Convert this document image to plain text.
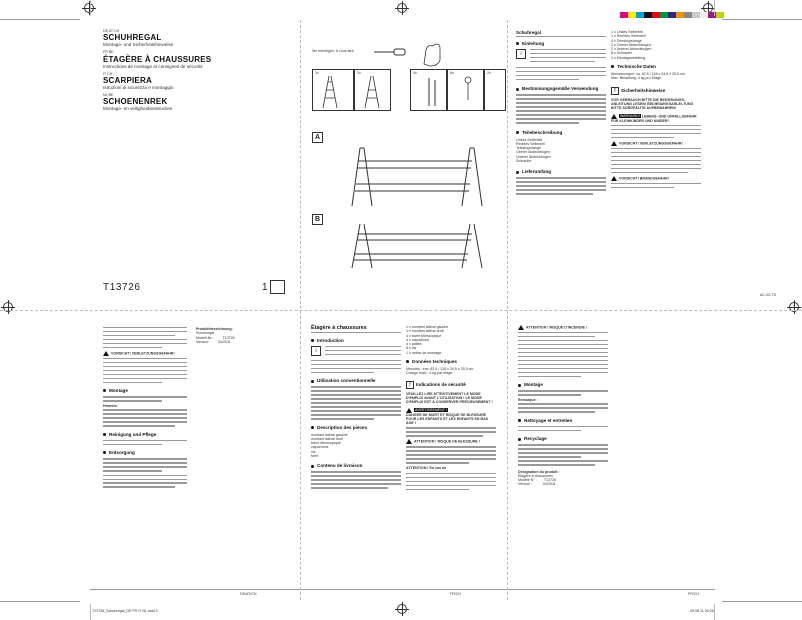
DE AT CH
SCHUHREGAL
Montage- und Sicherheitshinweise
FR BE
ÉTAGÈRE À CHAUSSURES
Instructions de montage et consignes de sécurité
IT CH
SCARPIERA
Istruzioni di sicurezza e montaggio
NL BE
SCHOENENREK
Montage- en veiligheidsinstructies
T13726	1
Sie benötigen: 8 vous faut
1x	2x	4x	8x	2x
A
B
Schuhregal
Einleitung
i
Bestimmungsgemäße Verwendung
Teilebeschreibung
Linkes Seitenteil
Rechtes Seitenteil
Teleskopstange
Oberer Abdeckbogen
Unterer Abdeckbogen
Schraube
Lieferumfang
1 x Linkes Seitenteil
1 x Rechtes Seitenteil
4 x Teleskopstange
2 x Oberer Abdeckbogen
2 x Unterer Abdeckbogen
8 x Schraube
1 x Montageanleitung
Technische Daten
Abmessungen: ca. 62,5 / 118 x 34,5 x 25,5 cm
Max. Belastung: 4 kg pro Etage
! Sicherheitshinweise
VOR GEBRAUCH BITTE DIE BEDIENUNGS-ANLEITUNG LESEN! BEDIENUNGSANLEI-TUNG BITTE SORGFÄLTIG AUFBEWAHREN!
WARNUNG! LEBENS- UND UNFALLGEFAHR FÜR KLEINKINDER UND KINDER!
VORSICHT! VERLETZUNGSGEFAHR!
VORSICHT! BRANDGEFAHR!
AC-02-TS
VORSICHT! VERLETZUNGSGEFAHR!
Montage
Hinweis:
Reinigung und Pflege
Entsorgung
Produktbezeichnung:
Schuhregal
Modell-Nr.:	T13726
Version:	04/2011
Étagère à chaussures
Introduction
i
Utilisation conventionnelle
Description des pièces
montant latéral gauche
montant latéral droit
barre télescopique
capuchons
vis
foret
Contenu de livraison
1 x montant latéral gauche
1 x montant latéral droit
4 x barre télescopique
4 x capuchons
4 x pattes
8 x vis
1 x notice de montage
Données techniques
Mesures : env. 62,5 / 118 x 34,5 x 25,5 cm
Charge maxi : 4 kg par étage
! Indications de sécurité
VEUILLEZ LIRE ATTENTIVEMENT LE MODE D'EMPLOI AVANT L'UTILISATION ! LE MODE D'EMPLOI EST À CONSERVER PRÉCIEUSEMENT !
AVERTISSEMENT !
DANGER DE MORT ET RISQUE DE BLESSURE POUR LES ENFANTS ET LES ENFANTS EN BAS ÂGE !
ATTENTION ! RISQUE DE BLESSURE !
ATTENTION ! En cas de
ATTENTION ! RISQUE D'INCENDIE !
Montage
Remarque :
Nettoyage et entretien
Recyclage
Désignation du produit :
Étagère à chaussures
Modèle N° : T13726
Version :	04/2011
DE/AT/CH	FR/CH	FR/CH
T13726_Schuhregal_DE FR IT NL.indd 3	29.06.11 09:26
